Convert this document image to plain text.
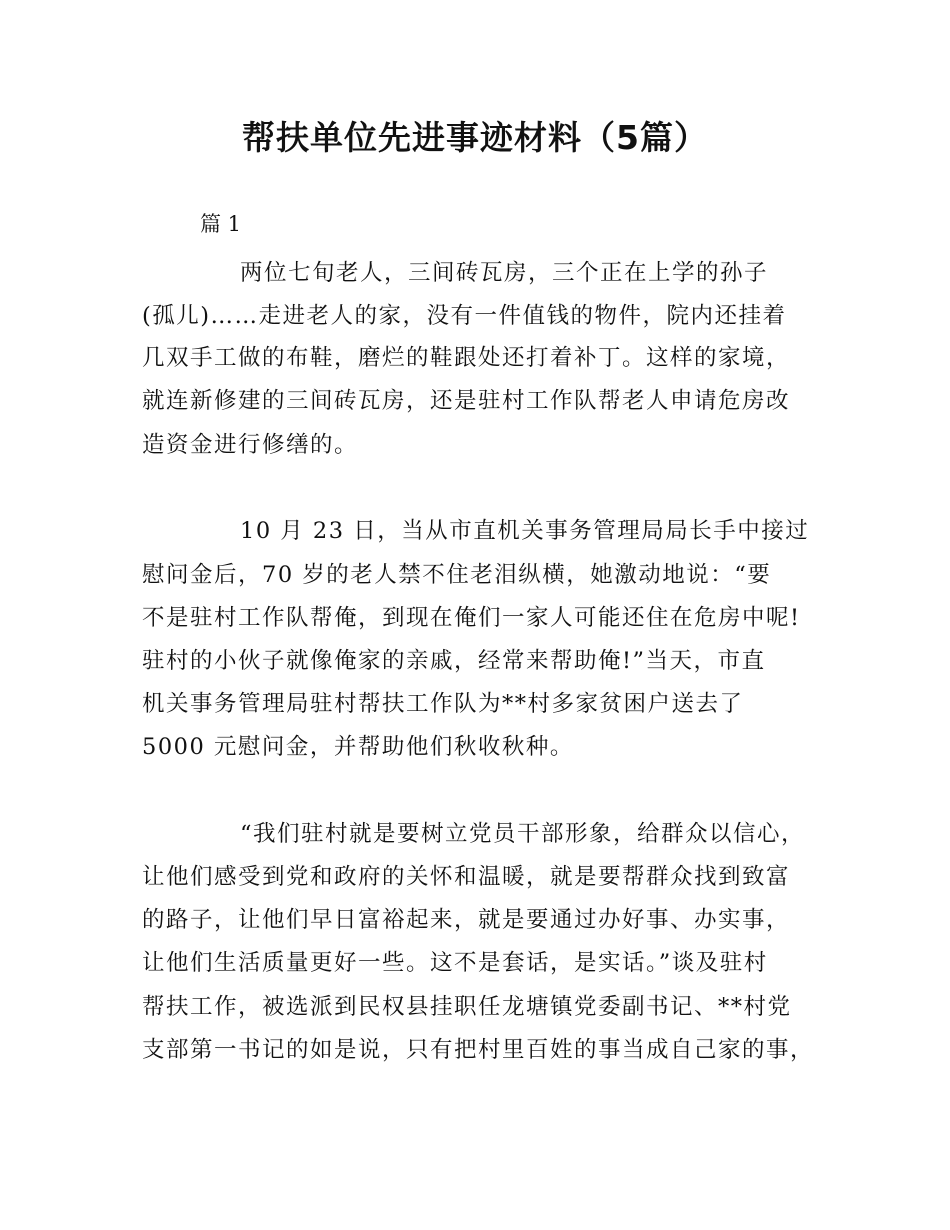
帮扶单位先进事迹材料（5篇）
篇 1
两位七旬老人，三间砖瓦房，三个正在上学的孙子
(孤儿)……走进老人的家，没有一件值钱的物件，院内还挂着
几双手工做的布鞋，磨烂的鞋跟处还打着补丁。这样的家境，
就连新修建的三间砖瓦房，还是驻村工作队帮老人申请危房改
造资金进行修缮的。
10 月 23 日，当从市直机关事务管理局局长手中接过
慰问金后，70 岁的老人禁不住老泪纵横，她激动地说：“要
不是驻村工作队帮俺，到现在俺们一家人可能还住在危房中呢!
驻村的小伙子就像俺家的亲戚，经常来帮助俺!”当天，市直
机关事务管理局驻村帮扶工作队为**村多家贫困户送去了
5000 元慰问金，并帮助他们秋收秋种。
“我们驻村就是要树立党员干部形象，给群众以信心，
让他们感受到党和政府的关怀和温暖，就是要帮群众找到致富
的路子，让他们早日富裕起来，就是要通过办好事、办实事，
让他们生活质量更好一些。这不是套话，是实话。”谈及驻村
帮扶工作，被选派到民权县挂职任龙塘镇党委副书记、**村党
支部第一书记的如是说，只有把村里百姓的事当成自己家的事，
